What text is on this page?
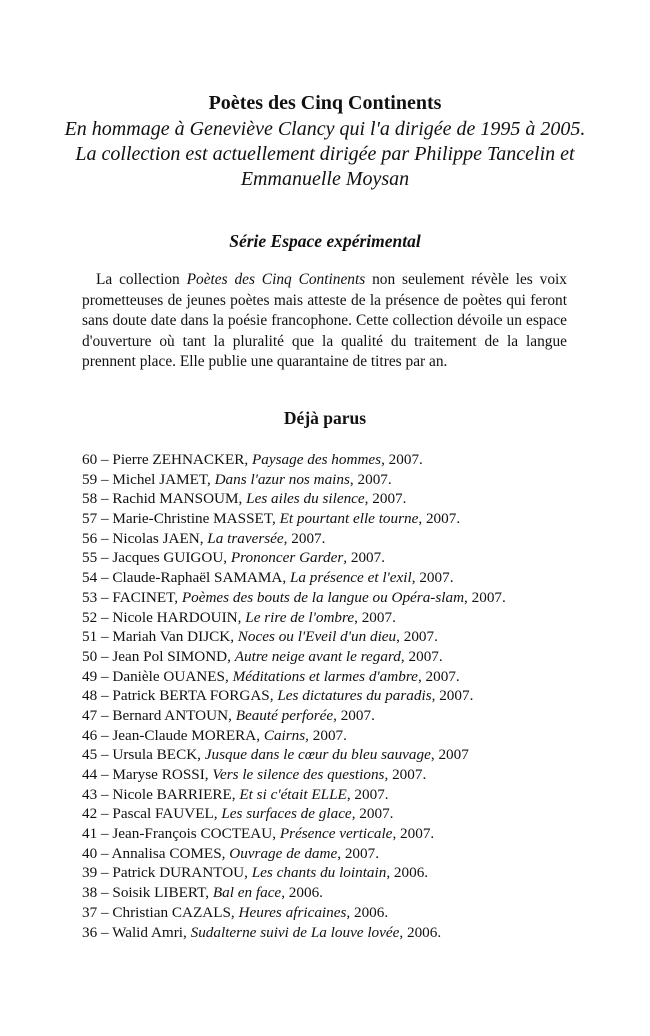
Poètes des Cinq Continents

En hommage à Geneviève Clancy qui l'a dirigée de 1995 à 2005. La collection est actuellement dirigée par Philippe Tancelin et Emmanuelle Moysan

Série Espace expérimental

La collection Poètes des Cinq Continents non seulement révèle les voix prometteuses de jeunes poètes mais atteste de la présence de poètes qui feront sans doute date dans la poésie francophone. Cette collection dévoile un espace d'ouverture où tant la pluralité que la qualité du traitement de la langue prennent place. Elle publie une quarantaine de titres par an.

Déjà parus
60 – Pierre ZEHNACKER, Paysage des hommes, 2007.
59 – Michel JAMET, Dans l'azur nos mains, 2007.
58 – Rachid MANSOUM, Les ailes du silence, 2007.
57 – Marie-Christine MASSET, Et pourtant elle tourne, 2007.
56 – Nicolas JAEN, La traversée, 2007.
55 – Jacques GUIGOU, Prononcer Garder, 2007.
54 – Claude-Raphaël SAMAMA, La présence et l'exil, 2007.
53 – FACINET, Poèmes des bouts de la langue ou Opéra-slam, 2007.
52 – Nicole HARDOUIN, Le rire de l'ombre, 2007.
51 – Mariah Van DIJCK, Noces ou l'Eveil d'un dieu, 2007.
50 – Jean Pol SIMOND, Autre neige avant le regard, 2007.
49 – Danièle OUANES, Méditations et larmes d'ambre, 2007.
48 – Patrick BERTA FORGAS, Les dictatures du paradis, 2007.
47 – Bernard ANTOUN, Beauté perforée, 2007.
46 – Jean-Claude MORERA, Cairns, 2007.
45 – Ursula BECK, Jusque dans le cœur du bleu sauvage, 2007
44 – Maryse ROSSI, Vers le silence des questions, 2007.
43 – Nicole BARRIERE, Et si c'était ELLE, 2007.
42 – Pascal FAUVEL, Les surfaces de glace, 2007.
41 – Jean-François COCTEAU, Présence verticale, 2007.
40 – Annalisa COMES, Ouvrage de dame, 2007.
39 – Patrick DURANTOU, Les chants du lointain, 2006.
38 – Soisik LIBERT, Bal en face, 2006.
37 – Christian CAZALS, Heures africaines, 2006.
36 – Walid Amri, Sudalterne suivi de La louve lovée, 2006.
